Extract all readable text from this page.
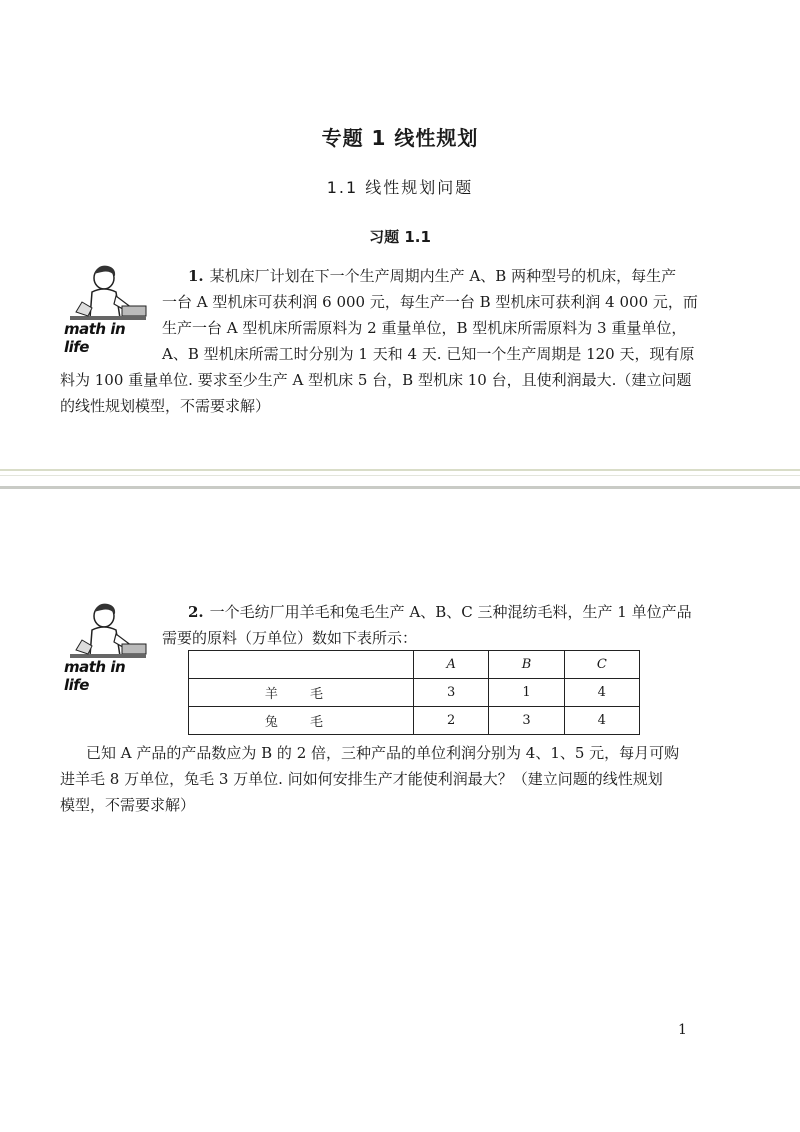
专题 1 线性规划
1.1 线性规划问题
习题 1.1
math in life
1. 某机床厂计划在下一个生产周期内生产 A、B 两种型号的机床，每生产
一台 A 型机床可获利润 6 000 元，每生产一台 B 型机床可获利润 4 000 元，而
生产一台 A 型机床所需原料为 2 重量单位，B 型机床所需原料为 3 重量单位，
A、B 型机床所需工时分别为 1 天和 4 天. 已知一个生产周期是 120 天，现有原
料为 100 重量单位. 要求至少生产 A 型机床 5 台，B 型机床 10 台，且使利润最大.（建立问题
的线性规划模型，不需要求解）
math in life
2. 一个毛纺厂用羊毛和兔毛生产 A、B、C 三种混纺毛料，生产 1 单位产品
需要的原料（万单位）数如下表所示：
	A	B	C
羊 毛	3	1	4
兔 毛	2	3	4
已知 A 产品的产品数应为 B 的 2 倍，三种产品的单位利润分别为 4、1、5 元，每月可购
进羊毛 8 万单位，兔毛 3 万单位. 问如何安排生产才能使利润最大？（建立问题的线性规划
模型，不需要求解）
1
